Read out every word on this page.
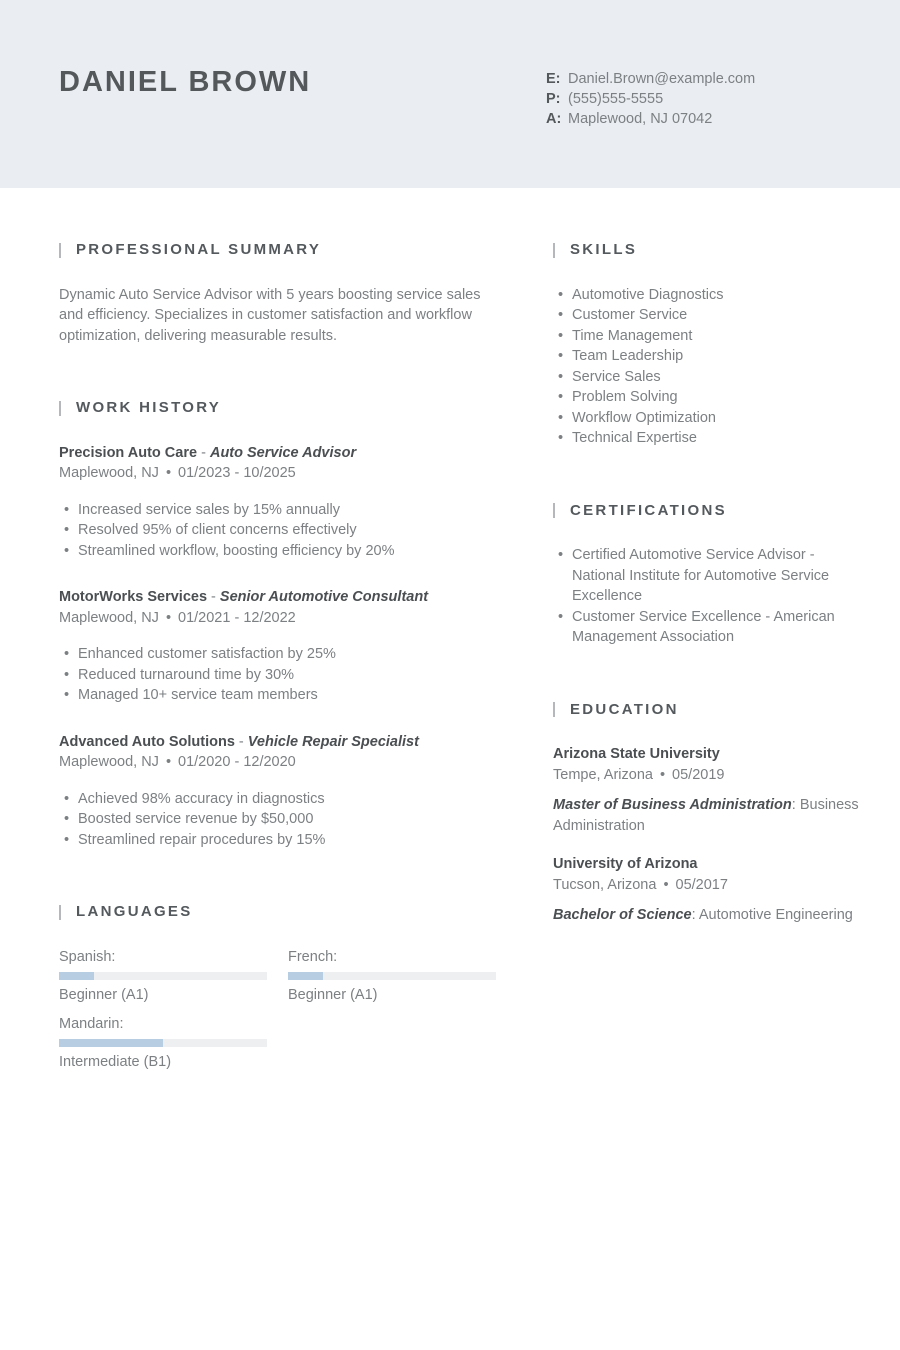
DANIEL BROWN	E: Daniel.Brown@example.com
P: (555)555-5555
A: Maplewood, NJ 07042
PROFESSIONAL SUMMARY

Dynamic Auto Service Advisor with 5 years boosting service sales and efficiency. Specializes in customer satisfaction and workflow optimization, delivering measurable results.

WORK HISTORY
Precision Auto Care - Auto Service Advisor
Maplewood, NJ • 01/2023 - 10/2025
• Increased service sales by 15% annually
• Resolved 95% of client concerns effectively
• Streamlined workflow, boosting efficiency by 20%
MotorWorks Services - Senior Automotive Consultant
Maplewood, NJ • 01/2021 - 12/2022
• Enhanced customer satisfaction by 25%
• Reduced turnaround time by 30%
• Managed 10+ service team members
Advanced Auto Solutions - Vehicle Repair Specialist
Maplewood, NJ • 01/2020 - 12/2020
• Achieved 98% accuracy in diagnostics
• Boosted service revenue by $50,000
• Streamlined repair procedures by 15%
LANGUAGES
Spanish:
Beginner (A1)
French:
Beginner (A1)
Mandarin:
Intermediate (B1)
SKILLS
• Automotive Diagnostics
• Customer Service
• Time Management
• Team Leadership
• Service Sales
• Problem Solving
• Workflow Optimization
• Technical Expertise
CERTIFICATIONS
• Certified Automotive Service Advisor - National Institute for Automotive Service Excellence
• Customer Service Excellence - American Management Association
EDUCATION
Arizona State University
Tempe, Arizona • 05/2019
Master of Business Administration: Business Administration
University of Arizona
Tucson, Arizona • 05/2017
Bachelor of Science: Automotive Engineering
